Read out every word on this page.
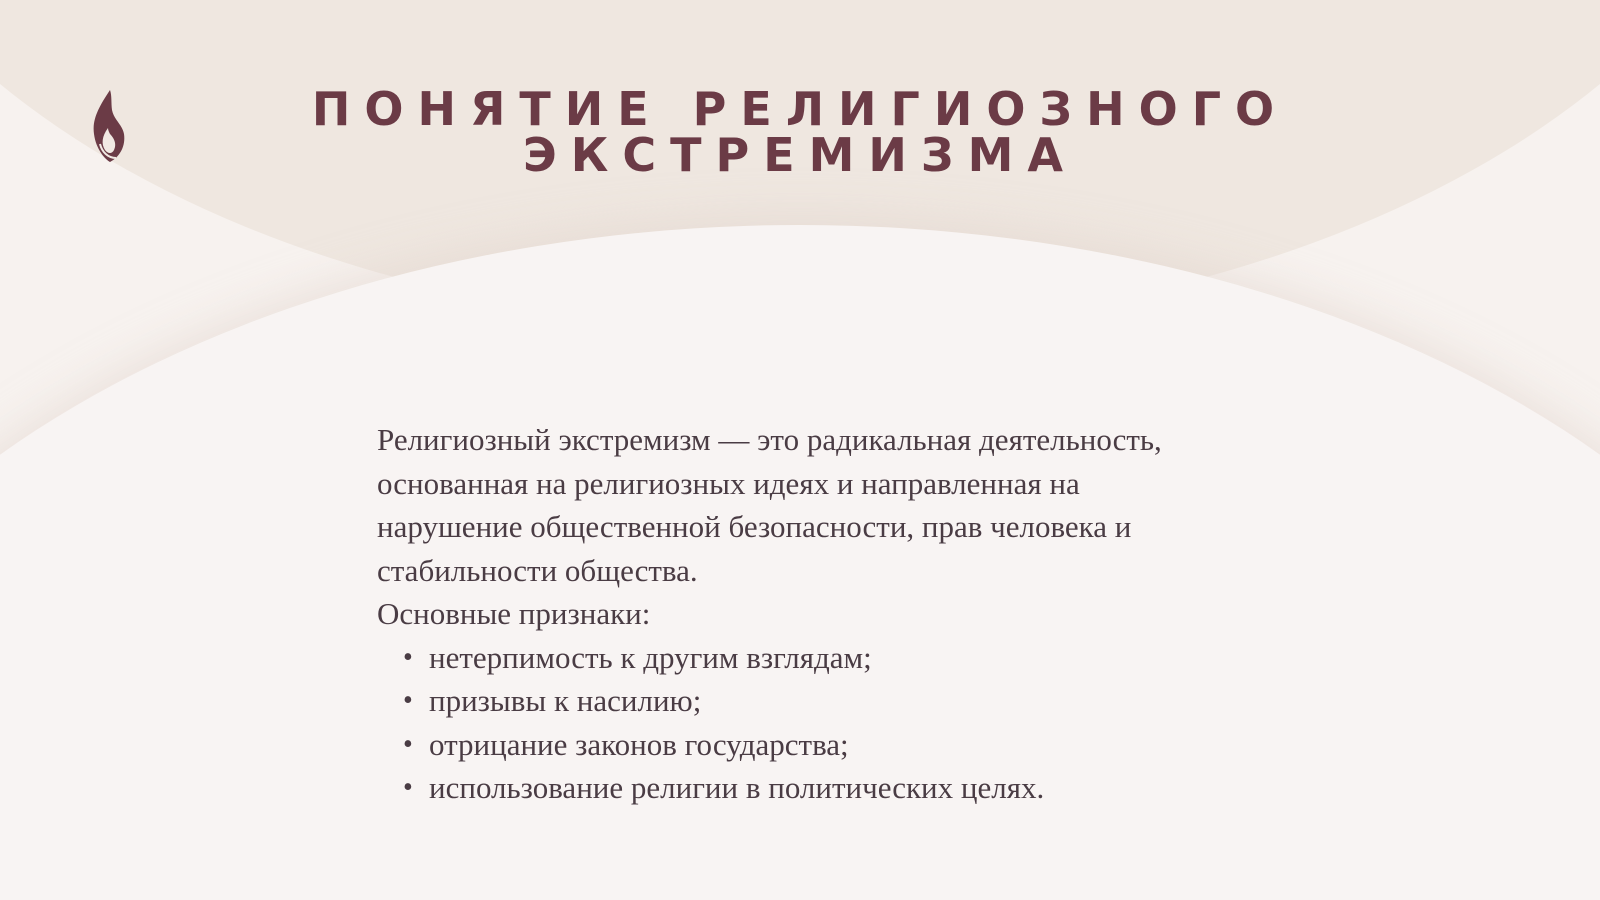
ПОНЯТИЕ РЕЛИГИОЗНОГО
ЭКСТРЕМИЗМА

Религиозный экстремизм — это радикальная деятельность,
основанная на религиозных идеях и направленная на
нарушение общественной безопасности, прав человека и
стабильности общества.

Основные признаки:

• нетерпимость к другим взглядам;
• призывы к насилию;
• отрицание законов государства;
• использование религии в политических целях.
